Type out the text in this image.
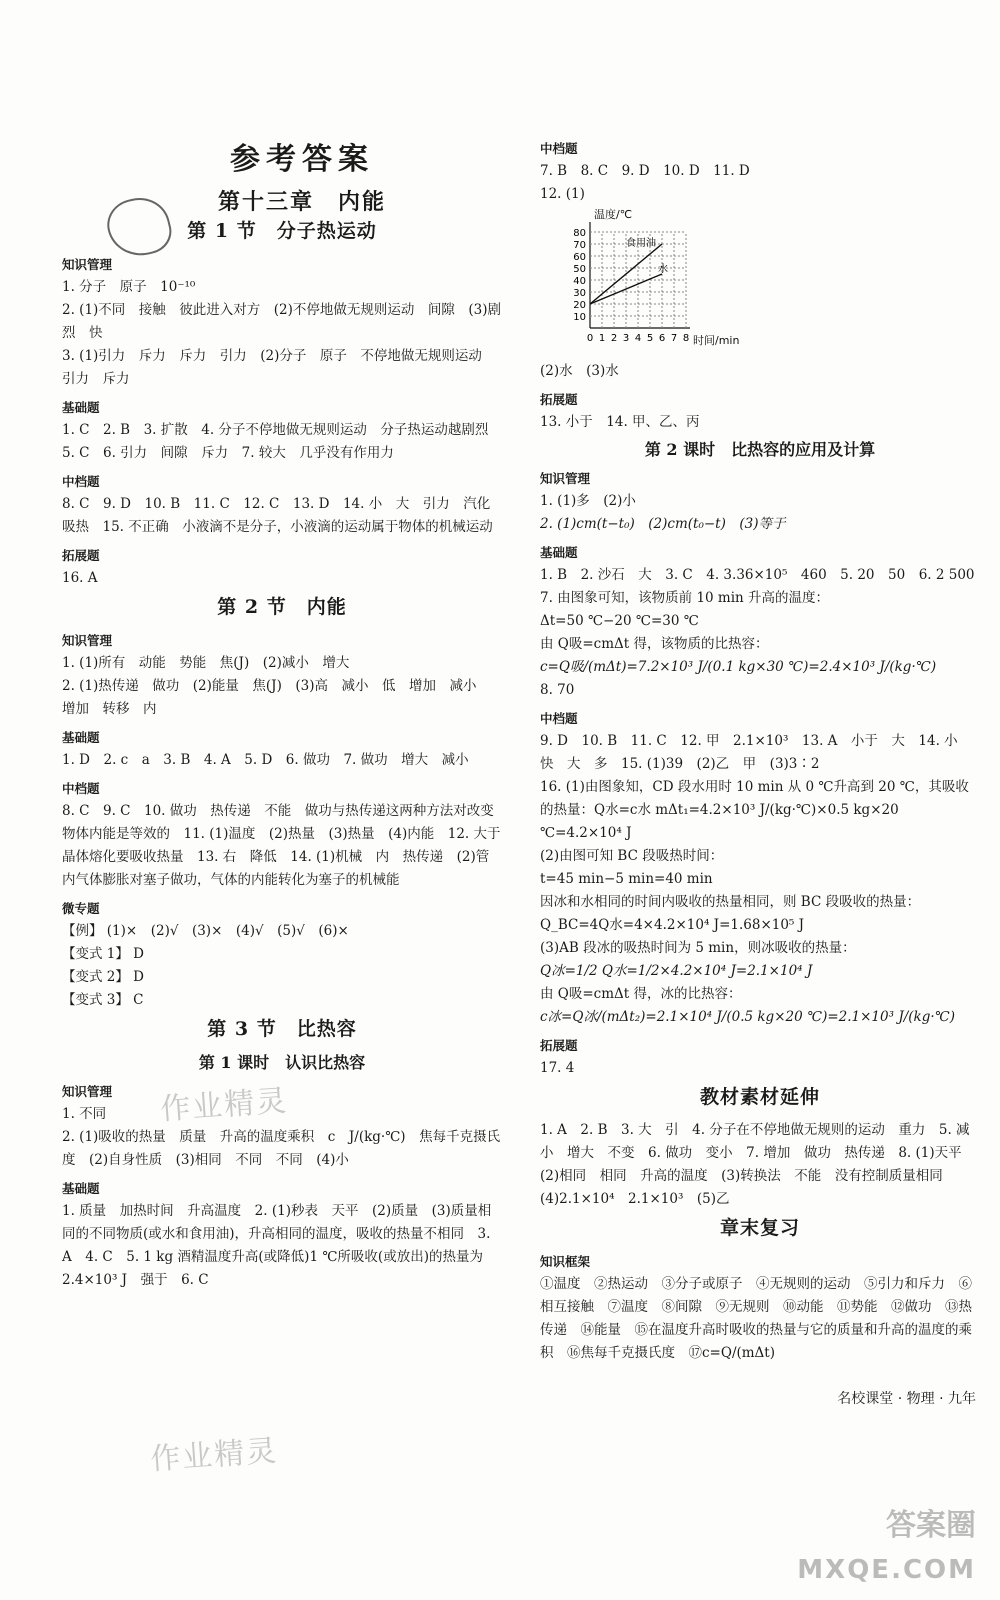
参考答案
第十三章　内能
第 1 节　分子热运动
知识管理
1. 分子　原子　10⁻¹⁰
2. (1)不同　接触　彼此进入对方　(2)不停地做无规则运动　间隙　(3)剧烈　快
3. (1)引力　斥力　斥力　引力　(2)分子　原子　不停地做无规则运动　引力　斥力
基础题
1. C　2. B　3. 扩散　4. 分子不停地做无规则运动　分子热运动越剧烈　5. C　6. 引力　间隙　斥力　7. 较大　几乎没有作用力
中档题
8. C　9. D　10. B　11. C　12. C　13. D　14. 小　大　引力　汽化　吸热　15. 不正确　小液滴不是分子，小液滴的运动属于物体的机械运动
拓展题
16. A
第 2 节　内能
知识管理
1. (1)所有　动能　势能　焦(J)　(2)减小　增大
2. (1)热传递　做功　(2)能量　焦(J)　(3)高　减小　低　增加　减小　增加　转移　内
基础题
1. D　2. c　a　3. B　4. A　5. D　6. 做功　7. 做功　增大　减小
中档题
8. C　9. C　10. 做功　热传递　不能　做功与热传递这两种方法对改变物体内能是等效的　11. (1)温度　(2)热量　(3)热量　(4)内能　12. 大于　晶体熔化要吸收热量　13. 右　降低　14. (1)机械　内　热传递　(2)管内气体膨胀对塞子做功，气体的内能转化为塞子的机械能
微专题
【例】 (1)×　(2)√　(3)×　(4)√　(5)√　(6)×
【变式 1】 D
【变式 2】 D
【变式 3】 C
第 3 节　比热容
第 1 课时　认识比热容
知识管理
1. 不同
2. (1)吸收的热量　质量　升高的温度乘积　c　J/(kg·℃)　焦每千克摄氏度　(2)自身性质　(3)相同　不同　不同　(4)小
基础题
1. 质量　加热时间　升高温度　2. (1)秒表　天平　(2)质量　(3)质量相同的不同物质(或水和食用油)，升高相同的温度，吸收的热量不相同　3. A　4. C　5. 1 kg 酒精温度升高(或降低)1 ℃所吸收(或放出)的热量为 2.4×10³ J　强于　6. C
中档题
7. B　8. C　9. D　10. D　11. D
12. (1)
温度/℃
时间/min
80
70
60
50
40
30
20
10
0 1 2 3 4 5 6 7 8
食用油
水
(2)水　(3)水
拓展题
13. 小于　14. 甲、乙、丙
第 2 课时　比热容的应用及计算
知识管理
1. (1)多　(2)小
2. (1)cm(t−t₀)　(2)cm(t₀−t)　(3)等于
基础题
1. B　2. 沙石　大　3. C　4. 3.36×10⁵　460　5. 20　50　6. 2 500
7. 由图象可知，该物质前 10 min 升高的温度：
Δt=50 ℃−20 ℃=30 ℃
由 Q吸=cmΔt 得，该物质的比热容：
c=Q吸/(mΔt)=7.2×10³ J/(0.1 kg×30 ℃)=2.4×10³ J/(kg·℃)
8. 70
中档题
9. D　10. B　11. C　12. 甲　2.1×10³　13. A　小于　大　14. 小　快　大　多　15. (1)39　(2)乙　甲　(3)3∶2
16. (1)由图象知，CD 段水用时 10 min 从 0 ℃升高到 20 ℃，其吸收的热量：Q水=c水 mΔt₁=4.2×10³ J/(kg·℃)×0.5 kg×20 ℃=4.2×10⁴ J
(2)由图可知 BC 段吸热时间：
t=45 min−5 min=40 min
因冰和水相同的时间内吸收的热量相同，则 BC 段吸收的热量：
Q_BC=4Q水=4×4.2×10⁴ J=1.68×10⁵ J
(3)AB 段冰的吸热时间为 5 min，则冰吸收的热量：
Q冰=1/2 Q水=1/2×4.2×10⁴ J=2.1×10⁴ J
由 Q吸=cmΔt 得，冰的比热容：
c冰=Q冰/(mΔt₂)=2.1×10⁴ J/(0.5 kg×20 ℃)=2.1×10³ J/(kg·℃)
拓展题
17. 4
教材素材延伸
1. A　2. B　3. 大　引　4. 分子在不停地做无规则的运动　重力　5. 减小　增大　不变　6. 做功　变小　7. 增加　做功　热传递　8. (1)天平　(2)相同　相同　升高的温度　(3)转换法　不能　没有控制质量相同　(4)2.1×10⁴　2.1×10³　(5)乙
章末复习
知识框架
①温度　②热运动　③分子或原子　④无规则的运动　⑤引力和斥力　⑥相互接触　⑦温度　⑧间隙　⑨无规则　⑩动能　⑪势能　⑫做功　⑬热传递　⑭能量　⑮在温度升高时吸收的热量与它的质量和升高的温度的乘积　⑯焦每千克摄氏度　⑰c=Q/(mΔt)
作业精灵
作业精灵
名校课堂 · 物理 · 九年
答案圈
MXQE.COM
